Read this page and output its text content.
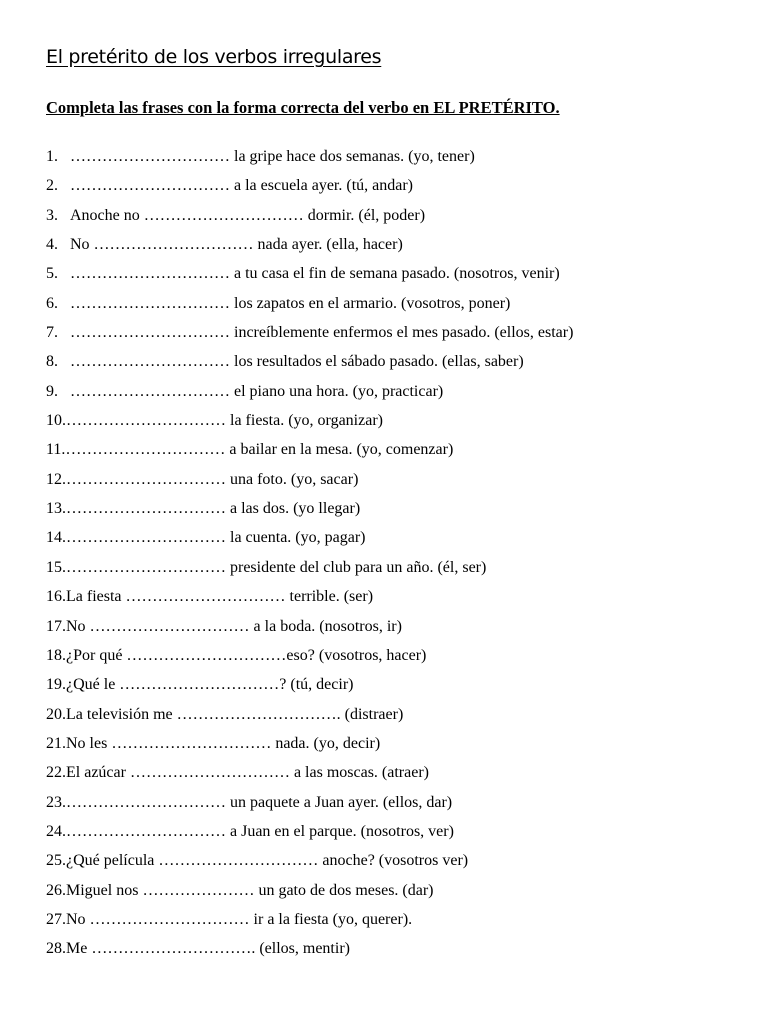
El pretérito de los verbos irregulares
Completa las frases con la forma correcta del verbo en EL PRETÉRITO.
1. ………………………… la gripe hace dos semanas. (yo, tener)
2. ………………………… a la escuela ayer. (tú, andar)
3. Anoche no ………………………… dormir. (él, poder)
4. No ………………………… nada ayer. (ella, hacer)
5. ………………………… a tu casa el fin de semana pasado. (nosotros, venir)
6. ………………………… los zapatos en el armario. (vosotros, poner)
7. ………………………… increíblemente enfermos el mes pasado. (ellos, estar)
8. ………………………… los resultados el sábado pasado. (ellas, saber)
9. ………………………… el piano una hora. (yo, practicar)
10.………………………… la fiesta. (yo, organizar)
11.………………………… a bailar en la mesa. (yo, comenzar)
12.………………………… una foto. (yo, sacar)
13.………………………… a las dos. (yo llegar)
14.………………………… la cuenta. (yo, pagar)
15.………………………… presidente del club para un año. (él, ser)
16.La fiesta ………………………… terrible. (ser)
17.No ………………………… a la boda. (nosotros, ir)
18.¿Por qué …………………………eso? (vosotros, hacer)
19.¿Qué le …………………………? (tú, decir)
20.La televisión me …………………………. (distraer)
21.No les ………………………… nada. (yo, decir)
22.El azúcar ………………………… a las moscas. (atraer)
23.………………………… un paquete a Juan ayer. (ellos, dar)
24.………………………… a Juan en el parque. (nosotros, ver)
25.¿Qué película ………………………… anoche? (vosotros ver)
26.Miguel nos ………………… un gato de dos meses. (dar)
27.No ………………………… ir a la fiesta (yo, querer).
28.Me …………………………. (ellos, mentir)
